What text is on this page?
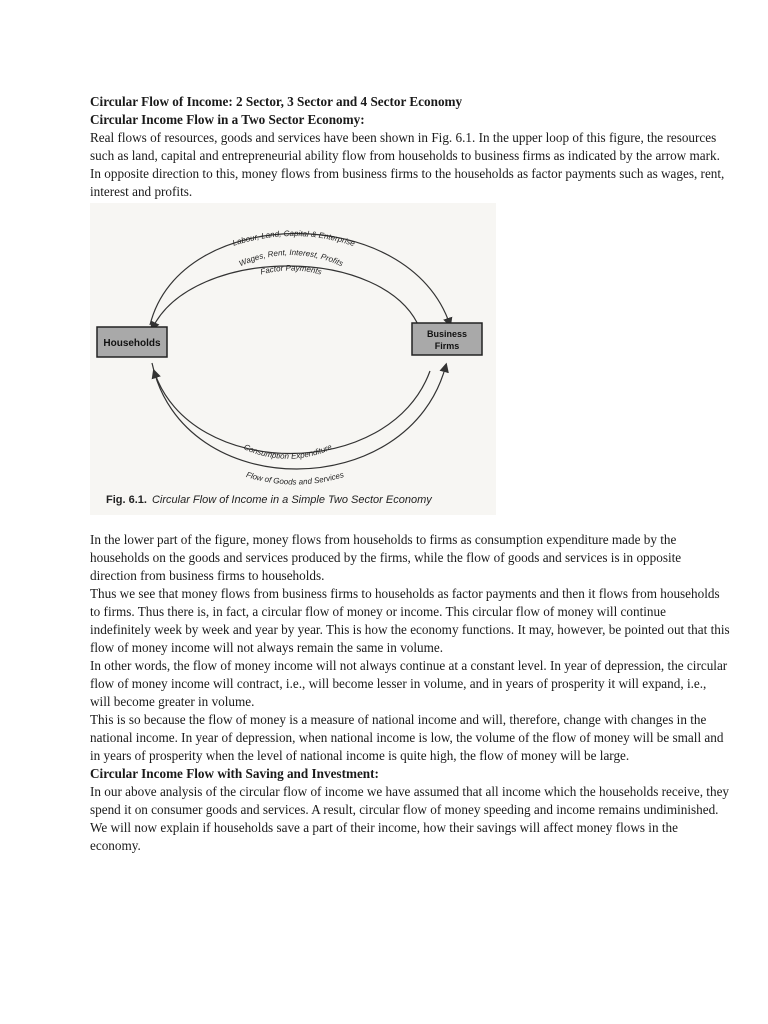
Circular Flow of Income: 2 Sector, 3 Sector and 4 Sector Economy

Circular Income Flow in a Two Sector Economy:

Real flows of resources, goods and services have been shown in Fig. 6.1. In the upper loop of this figure, the resources such as land, capital and entrepreneurial ability flow from households to business firms as indicated by the arrow mark.

In opposite direction to this, money flows from business firms to the households as factor payments such as wages, rent, interest and profits.

Households
Business
Firms
Labour, Land, Capital & Enterprise
Wages, Rent, Interest, Profits
Factor Payments
Consumption Expenditure
Flow of Goods and Services
Fig. 6.1. Circular Flow of Income in a Simple Two Sector Economy

In the lower part of the figure, money flows from households to firms as consumption expenditure made by the households on the goods and services produced by the firms, while the flow of goods and services is in opposite direction from business firms to households.

Thus we see that money flows from business firms to households as factor payments and then it flows from households to firms. Thus there is, in fact, a circular flow of money or income. This circular flow of money will continue indefinitely week by week and year by year. This is how the economy functions. It may, however, be pointed out that this flow of money income will not always remain the same in volume.

In other words, the flow of money income will not always continue at a constant level. In year of depression, the circular flow of money income will contract, i.e., will become lesser in volume, and in years of prosperity it will expand, i.e., will become greater in volume.

This is so because the flow of money is a measure of national income and will, therefore, change with changes in the national income. In year of depression, when national income is low, the volume of the flow of money will be small and in years of prosperity when the level of national income is quite high, the flow of money will be large.

Circular Income Flow with Saving and Investment:

In our above analysis of the circular flow of income we have assumed that all income which the households receive, they spend it on consumer goods and services. A result, circular flow of money speeding and income remains undiminished. We will now explain if households save a part of their income, how their savings will affect money flows in the economy.
